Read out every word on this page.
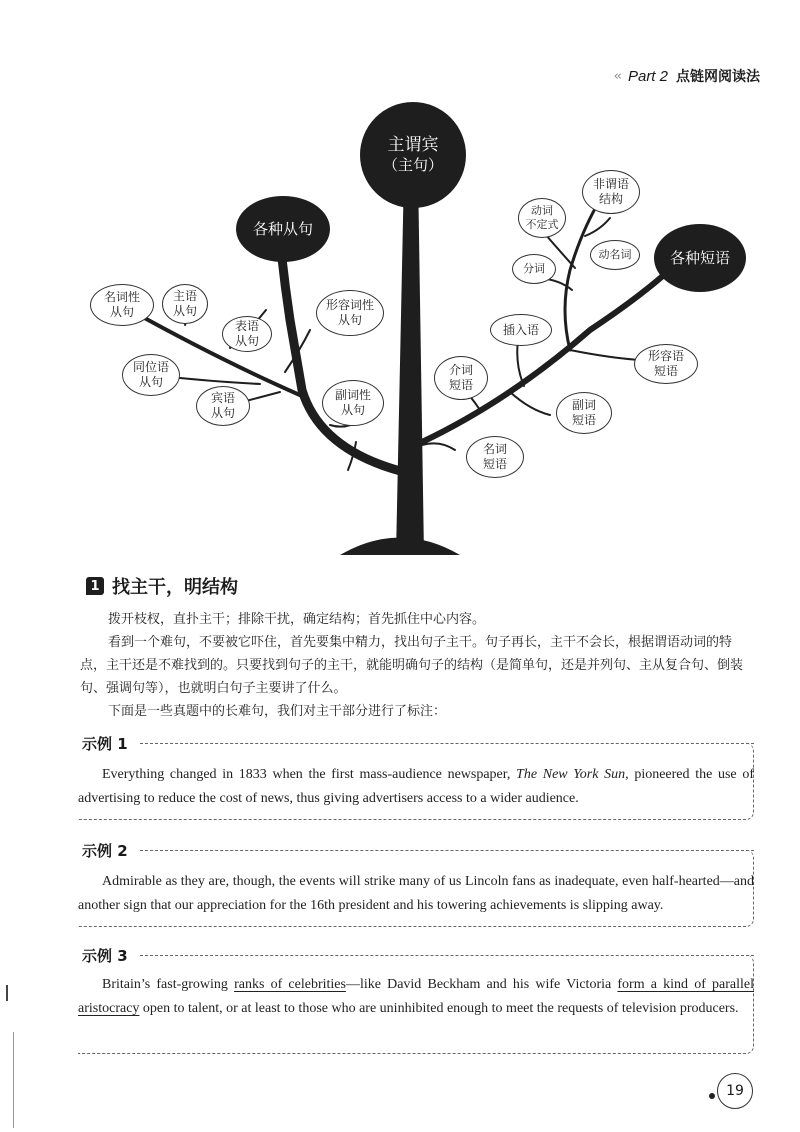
‹‹ Part 2 点链网阅读法
主谓宾
（主句）
各种从句
各种短语
名词性
从句
主语
从句
表语
从句
形容词性
从句
同位语
从句
宾语
从句
副词性
从句
非谓语
结构
动词
不定式
动名词
分词
插入语
形容语
短语
介词
短语
副词
短语
名词
短语
1 找主干，明结构

拨开枝杈，直扑主干；排除干扰，确定结构；首先抓住中心内容。

看到一个难句，不要被它吓住，首先要集中精力，找出句子主干。句子再长，主干不会长，根据谓语动词的特点，主干还是不难找到的。只要找到句子的主干，就能明确句子的结构（是简单句，还是并列句、主从复合句、倒装句、强调句等），也就明白句子主要讲了什么。

下面是一些真题中的长难句，我们对主干部分进行了标注：

示例 1
Everything changed in 1833 when the first mass-audience newspaper, The New York Sun, pioneered the use of advertising to reduce the cost of news, thus giving advertisers access to a wider audience.
示例 2
Admirable as they are, though, the events will strike many of us Lincoln fans as inadequate, even half-hearted—and another sign that our appreciation for the 16th president and his towering achievements is slipping away.
示例 3
Britain’s fast-growing ranks of celebrities—like David Beckham and his wife Victoria form a kind of parallel aristocracy open to talent, or at least to those who are uninhibited enough to meet the requests of television producers.
19
